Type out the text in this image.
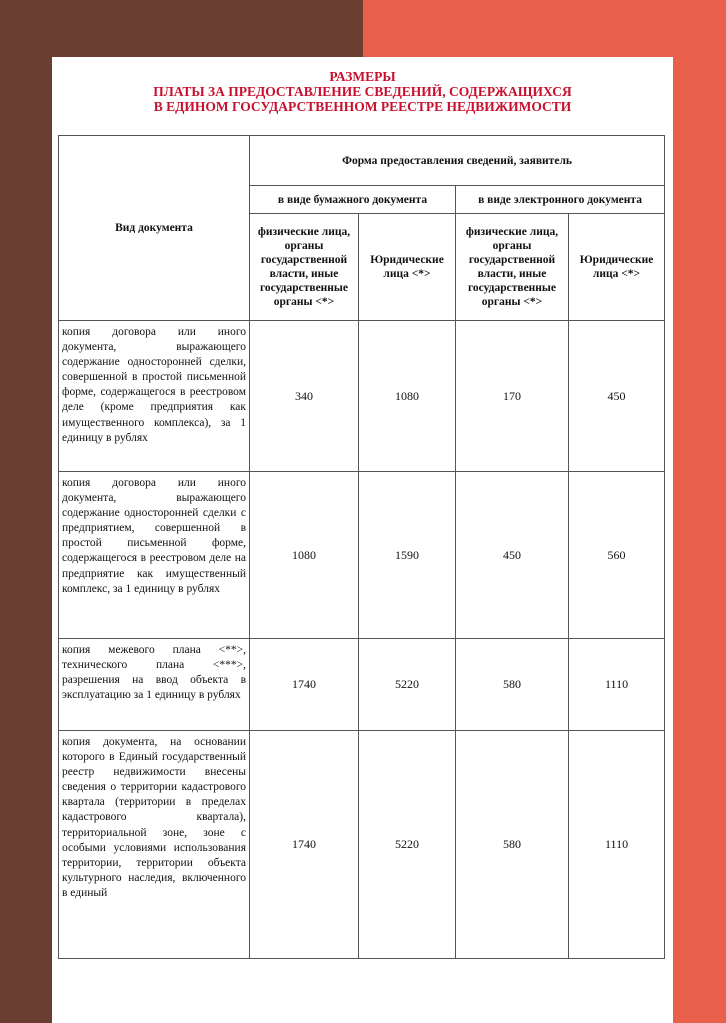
РАЗМЕРЫ
ПЛАТЫ ЗА ПРЕДОСТАВЛЕНИЕ СВЕДЕНИЙ, СОДЕРЖАЩИХСЯ
В ЕДИНОМ ГОСУДАРСТВЕННОМ РЕЕСТРЕ НЕДВИЖИМОСТИ
Вид документа	Форма предоставления сведений, заявитель			
	в виде бумажного документа		в виде электронного документа	
	физические лица, органы государственной власти, иные государственные органы <*>	Юридические лица <*>	физические лица, органы государственной власти, иные государственные органы <*>	Юридические лица <*>
копия договора или иного документа, выражающего содержание односторонней сделки, совершенной в простой письменной форме, содержащегося в реестровом деле (кроме предприятия как имущественного комплекса), за 1 единицу в рублях	340	1080	170	450
копия договора или иного документа, выражающего содержание односторонней сделки с предприятием, совершенной в простой письменной форме, содержащегося в реестровом деле на предприятие как имущественный комплекс, за 1 единицу в рублях	1080	1590	450	560
копия межевого плана <**>, технического плана <***>, разрешения на ввод объекта в эксплуатацию за 1 единицу в рублях	1740	5220	580	1110
копия документа, на основании которого в Единый государственный реестр недвижимости внесены сведения о территории кадастрового квартала (территории в пределах кадастрового квартала), территориальной зоне, зоне с особыми условиями использования территории, территории объекта культурного наследия, включенного в единый	1740	5220	580	1110
